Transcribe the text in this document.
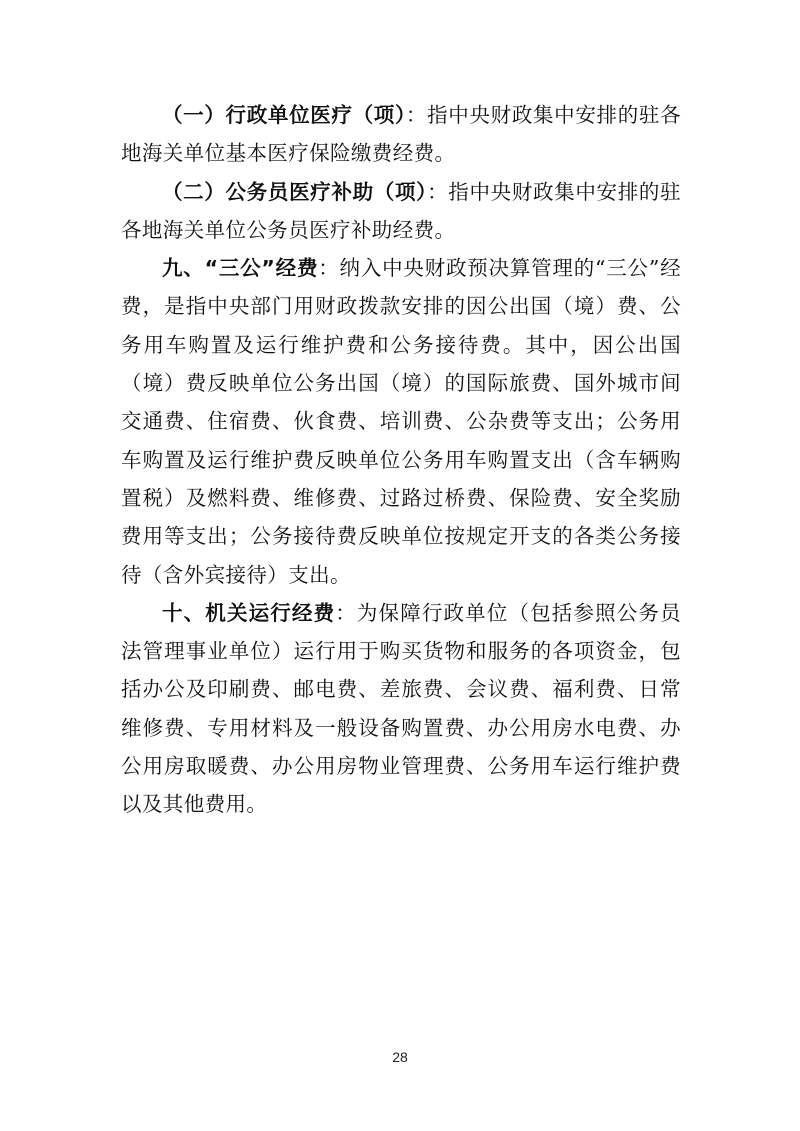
（一）行政单位医疗（项）：指中央财政集中安排的驻各地海关单位基本医疗保险缴费经费。

（二）公务员医疗补助（项）：指中央财政集中安排的驻各地海关单位公务员医疗补助经费。

九、“三公”经费：纳入中央财政预决算管理的“三公”经费，是指中央部门用财政拨款安排的因公出国（境）费、公务用车购置及运行维护费和公务接待费。其中，因公出国（境）费反映单位公务出国（境）的国际旅费、国外城市间交通费、住宿费、伙食费、培训费、公杂费等支出；公务用车购置及运行维护费反映单位公务用车购置支出（含车辆购置税）及燃料费、维修费、过路过桥费、保险费、安全奖励费用等支出；公务接待费反映单位按规定开支的各类公务接待（含外宾接待）支出。

十、机关运行经费：为保障行政单位（包括参照公务员法管理事业单位）运行用于购买货物和服务的各项资金，包括办公及印刷费、邮电费、差旅费、会议费、福利费、日常维修费、专用材料及一般设备购置费、办公用房水电费、办公用房取暖费、办公用房物业管理费、公务用车运行维护费以及其他费用。

28
